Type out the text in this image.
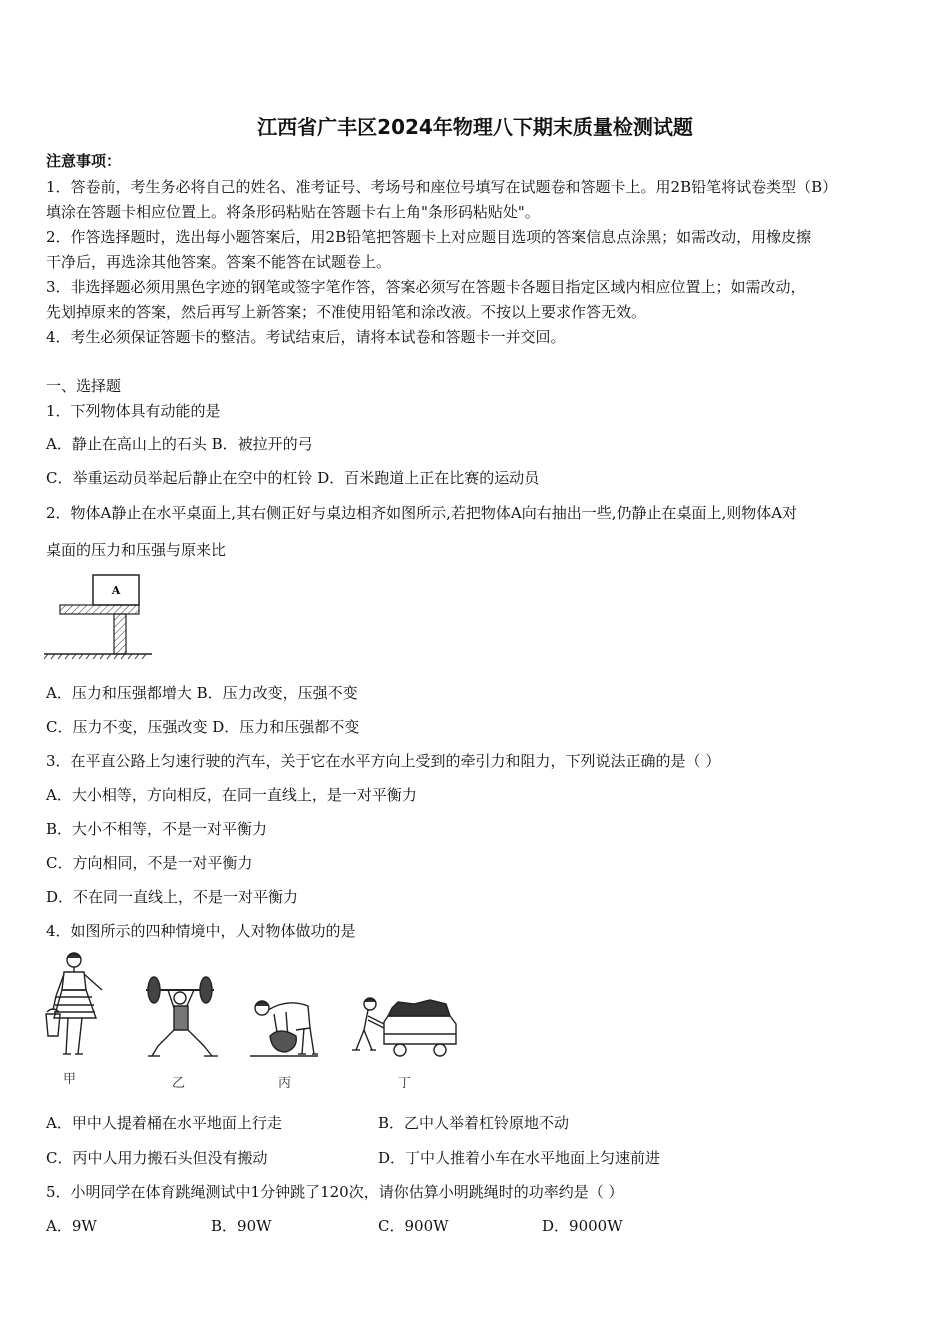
江西省广丰区2024年物理八下期末质量检测试题
注意事项：
1．答卷前，考生务必将自己的姓名、准考证号、考场号和座位号填写在试题卷和答题卡上。用2B铅笔将试卷类型（B）
填涂在答题卡相应位置上。将条形码粘贴在答题卡右上角"条形码粘贴处"。
2．作答选择题时，选出每小题答案后，用2B铅笔把答题卡上对应题目选项的答案信息点涂黑；如需改动，用橡皮擦
干净后，再选涂其他答案。答案不能答在试题卷上。
3．非选择题必须用黑色字迹的钢笔或签字笔作答，答案必须写在答题卡各题目指定区域内相应位置上；如需改动，
先划掉原来的答案，然后再写上新答案；不准使用铅笔和涂改液。不按以上要求作答无效。
4．考生必须保证答题卡的整洁。考试结束后，请将本试卷和答题卡一并交回。
一、选择题
1．下列物体具有动能的是
A．静止在高山上的石头 B．被拉开的弓
C．举重运动员举起后静止在空中的杠铃 D．百米跑道上正在比赛的运动员
2．物体A静止在水平桌面上,其右侧正好与桌边相齐如图所示,若把物体A向右抽出一些,仍静止在桌面上,则物体A对
桌面的压力和压强与原来比
A
A．压力和压强都增大 B．压力改变，压强不变
C．压力不变，压强改变 D．压力和压强都不变
3．在平直公路上匀速行驶的汽车，关于它在水平方向上受到的牵引力和阻力，下列说法正确的是（ ）
A．大小相等，方向相反，在同一直线上，是一对平衡力
B．大小不相等，不是一对平衡力
C．方向相同，不是一对平衡力
D．不在同一直线上，不是一对平衡力
4．如图所示的四种情境中，人对物体做功的是
甲	乙	丙	丁
A．甲中人提着桶在水平地面上行走	B．乙中人举着杠铃原地不动
C．丙中人用力搬石头但没有搬动	D．丁中人推着小车在水平地面上匀速前进
5．小明同学在体育跳绳测试中1分钟跳了120次，请你估算小明跳绳时的功率约是（ ）
A．9W	B．90W	C．900W	D．9000W
